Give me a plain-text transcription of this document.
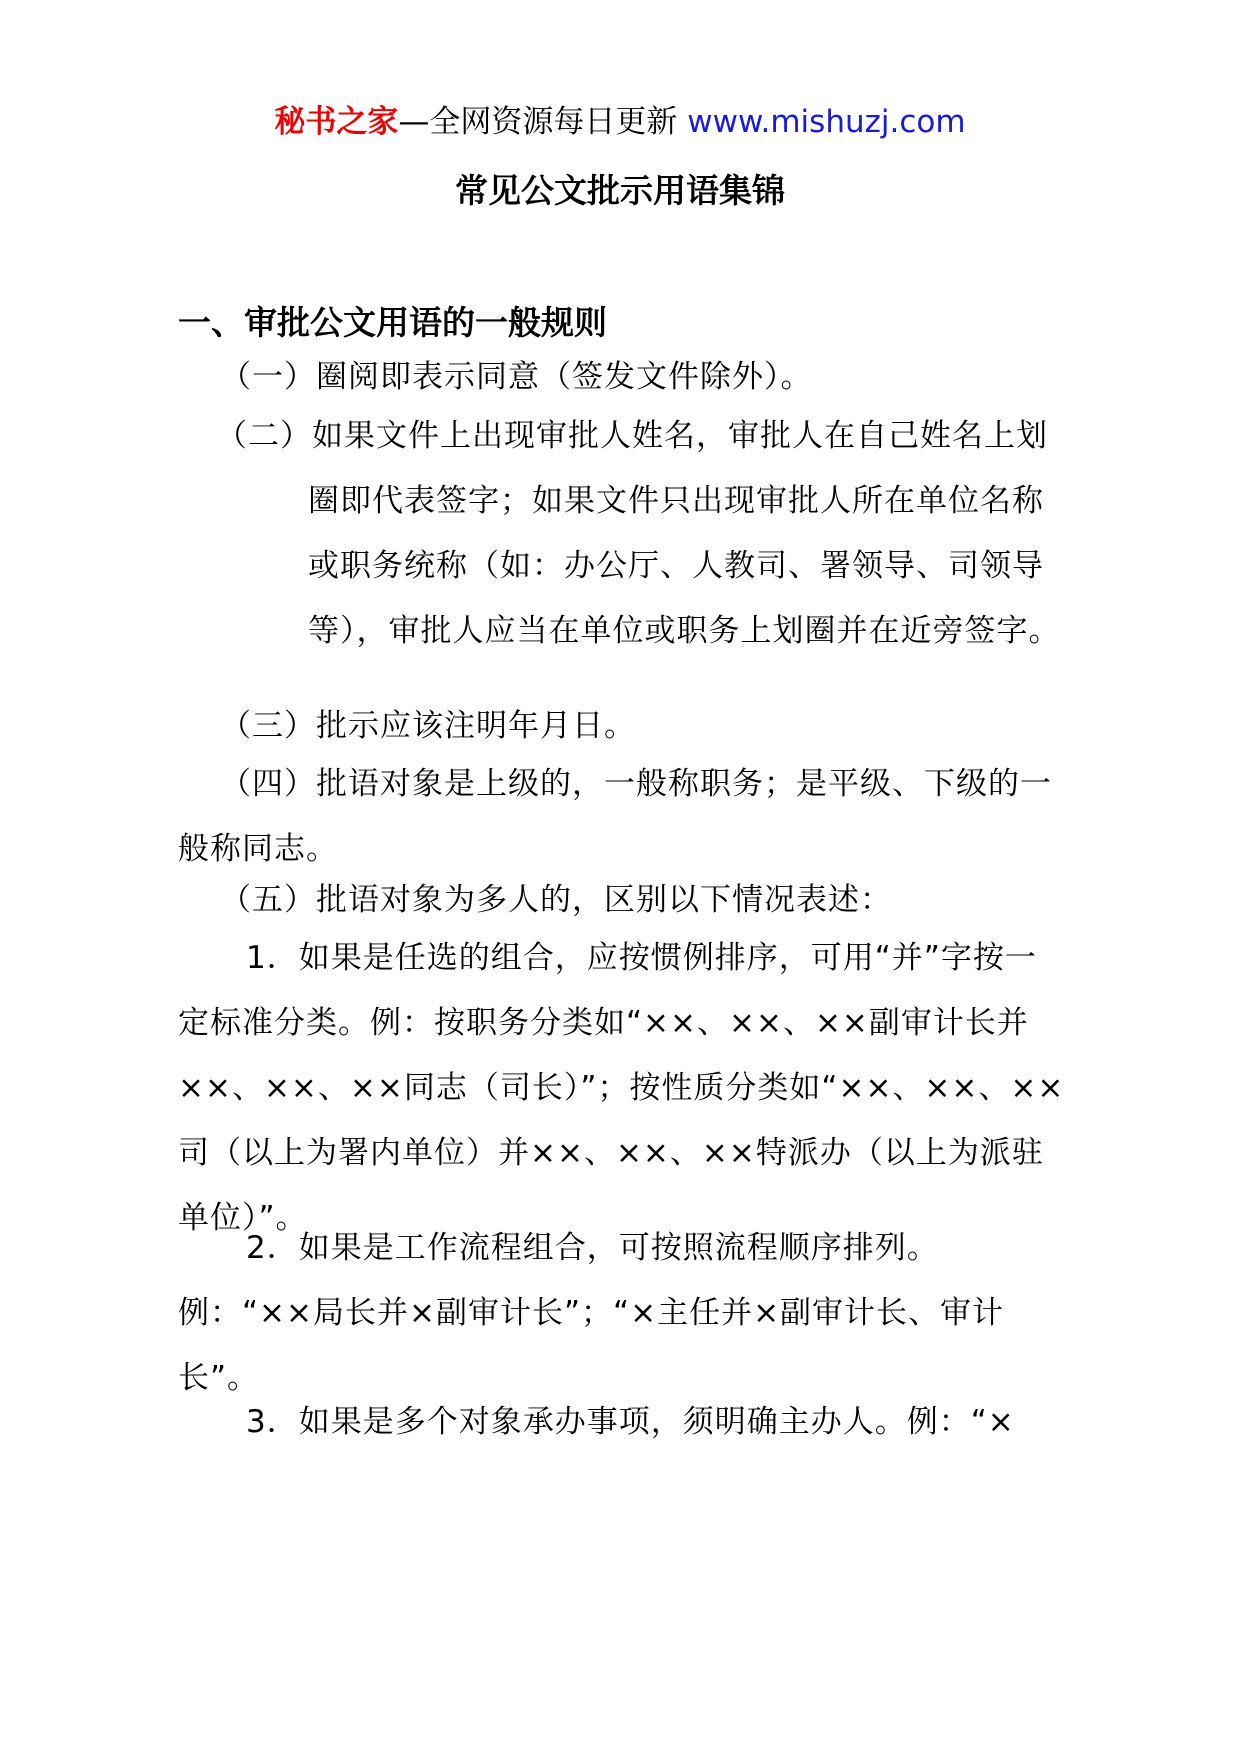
秘书之家—全网资源每日更新 www.mishuzj.com
常见公文批示用语集锦
一、审批公文用语的一般规则

（一）圈阅即表示同意（签发文件除外）。

（二）如果文件上出现审批人姓名，审批人在自己姓名上划圈即代表签字；如果文件只出现审批人所在单位名称或职务统称（如：办公厅、人教司、署领导、司领导等），审批人应当在单位或职务上划圈并在近旁签字。

（三）批示应该注明年月日。

（四）批语对象是上级的，一般称职务；是平级、下级的一般称同志。

（五）批语对象为多人的，区别以下情况表述：

1．如果是任选的组合，应按惯例排序，可用“并”字按一定标准分类。例：按职务分类如“××、××、××副审计长并××、××、××同志（司长）”；按性质分类如“××、××、××司（以上为署内单位）并××、××、××特派办（以上为派驻单位）”。

2．如果是工作流程组合，可按照流程顺序排列。例：“××局长并×副审计长”；“×主任并×副审计长、审计长”。

3．如果是多个对象承办事项，须明确主办人。例：“×
